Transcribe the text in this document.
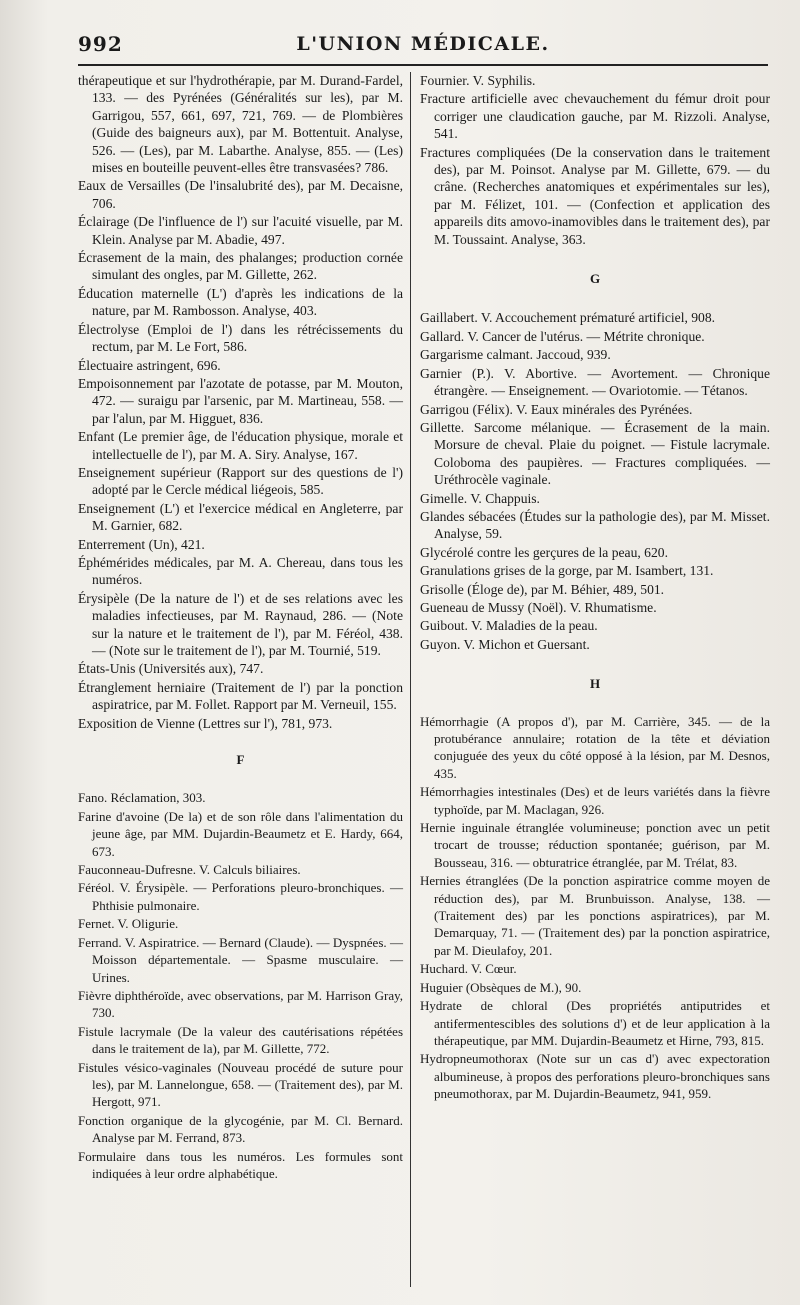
992	L'UNION MÉDICALE.
thérapeutique et sur l'hydrothérapie, par M. Durand-Fardel, 133. — des Pyrénées (Généralités sur les), par M. Garrigou, 557, 661, 697, 721, 769. — de Plombières (Guide des baigneurs aux), par M. Bottentuit. Analyse, 526. — (Les), par M. Labarthe. Analyse, 855. — (Les) mises en bouteille peuvent-elles être transvasées? 786.
Eaux de Versailles (De l'insalubrité des), par M. Decaisne, 706.
Éclairage (De l'influence de l') sur l'acuité visuelle, par M. Klein. Analyse par M. Abadie, 497.
Écrasement de la main, des phalanges; production cornée simulant des ongles, par M. Gillette, 262.
Éducation maternelle (L') d'après les indications de la nature, par M. Rambosson. Analyse, 403.
Électrolyse (Emploi de l') dans les rétrécissements du rectum, par M. Le Fort, 586.
Électuaire astringent, 696.
Empoisonnement par l'azotate de potasse, par M. Mouton, 472. — suraigu par l'arsenic, par M. Martineau, 558. — par l'alun, par M. Higguet, 836.
Enfant (Le premier âge, de l'éducation physique, morale et intellectuelle de l'), par M. A. Siry. Analyse, 167.
Enseignement supérieur (Rapport sur des questions de l') adopté par le Cercle médical liégeois, 585.
Enseignement (L') et l'exercice médical en Angleterre, par M. Garnier, 682.
Enterrement (Un), 421.
Éphémérides médicales, par M. A. Chereau, dans tous les numéros.
Érysipèle (De la nature de l') et de ses relations avec les maladies infectieuses, par M. Raynaud, 286. — (Note sur la nature et le traitement de l'), par M. Féréol, 438. — (Note sur le traitement de l'), par M. Tournié, 519.
États-Unis (Universités aux), 747.
Étranglement herniaire (Traitement de l') par la ponction aspiratrice, par M. Follet. Rapport par M. Verneuil, 155.
Exposition de Vienne (Lettres sur l'), 781, 973.
F
Fano. Réclamation, 303.
Farine d'avoine (De la) et de son rôle dans l'alimentation du jeune âge, par MM. Dujardin-Beaumetz et E. Hardy, 664, 673.
Fauconneau-Dufresne. V. Calculs biliaires.
Féréol. V. Érysipèle. — Perforations pleuro-bronchiques. — Phthisie pulmonaire.
Fernet. V. Oligurie.
Ferrand. V. Aspiratrice. — Bernard (Claude). — Dyspnées. — Moisson départementale. — Spasme musculaire. — Urines.
Fièvre diphthéroïde, avec observations, par M. Harrison Gray, 730.
Fistule lacrymale (De la valeur des cautérisations répétées dans le traitement de la), par M. Gillette, 772.
Fistules vésico-vaginales (Nouveau procédé de suture pour les), par M. Lannelongue, 658. — (Traitement des), par M. Hergott, 971.
Fonction organique de la glycogénie, par M. Cl. Bernard. Analyse par M. Ferrand, 873.
Formulaire dans tous les numéros. Les formules sont indiquées à leur ordre alphabétique.
Fournier. V. Syphilis.
Fracture artificielle avec chevauchement du fémur droit pour corriger une claudication gauche, par M. Rizzoli. Analyse, 541.
Fractures compliquées (De la conservation dans le traitement des), par M. Poinsot. Analyse par M. Gillette, 679. — du crâne. (Recherches anatomiques et expérimentales sur les), par M. Félizet, 101. — (Confection et application des appareils dits amovo-inamovibles dans le traitement des), par M. Toussaint. Analyse, 363.
G
Gaillabert. V. Accouchement prématuré artificiel, 908.
Gallard. V. Cancer de l'utérus. — Métrite chronique.
Gargarisme calmant. Jaccoud, 939.
Garnier (P.). V. Abortive. — Avortement. — Chronique étrangère. — Enseignement. — Ovariotomie. — Tétanos.
Garrigou (Félix). V. Eaux minérales des Pyrénées.
Gillette. Sarcome mélanique. — Écrasement de la main. Morsure de cheval. Plaie du poignet. — Fistule lacrymale. Coloboma des paupières. — Fractures compliquées. — Uréthrocèle vaginale.
Gimelle. V. Chappuis.
Glandes sébacées (Études sur la pathologie des), par M. Misset. Analyse, 59.
Glycérolé contre les gerçures de la peau, 620.
Granulations grises de la gorge, par M. Isambert, 131.
Grisolle (Éloge de), par M. Béhier, 489, 501.
Gueneau de Mussy (Noël). V. Rhumatisme.
Guibout. V. Maladies de la peau.
Guyon. V. Michon et Guersant.
H
Hémorrhagie (A propos d'), par M. Carrière, 345. — de la protubérance annulaire; rotation de la tête et déviation conjuguée des yeux du côté opposé à la lésion, par M. Desnos, 435.
Hémorrhagies intestinales (Des) et de leurs variétés dans la fièvre typhoïde, par M. Maclagan, 926.
Hernie inguinale étranglée volumineuse; ponction avec un petit trocart de trousse; réduction spontanée; guérison, par M. Bousseau, 316. — obturatrice étranglée, par M. Trélat, 83.
Hernies étranglées (De la ponction aspiratrice comme moyen de réduction des), par M. Brunbuisson. Analyse, 138. — (Traitement des) par les ponctions aspiratrices), par M. Demarquay, 71. — (Traitement des) par la ponction aspiratrice, par M. Dieulafoy, 201.
Huchard. V. Cœur.
Huguier (Obsèques de M.), 90.
Hydrate de chloral (Des propriétés antiputrides et antifermentescibles des solutions d') et de leur application à la thérapeutique, par MM. Dujardin-Beaumetz et Hirne, 793, 815.
Hydropneumothorax (Note sur un cas d') avec expectoration albumineuse, à propos des perforations pleuro-bronchiques sans pneumothorax, par M. Dujardin-Beaumetz, 941, 959.
